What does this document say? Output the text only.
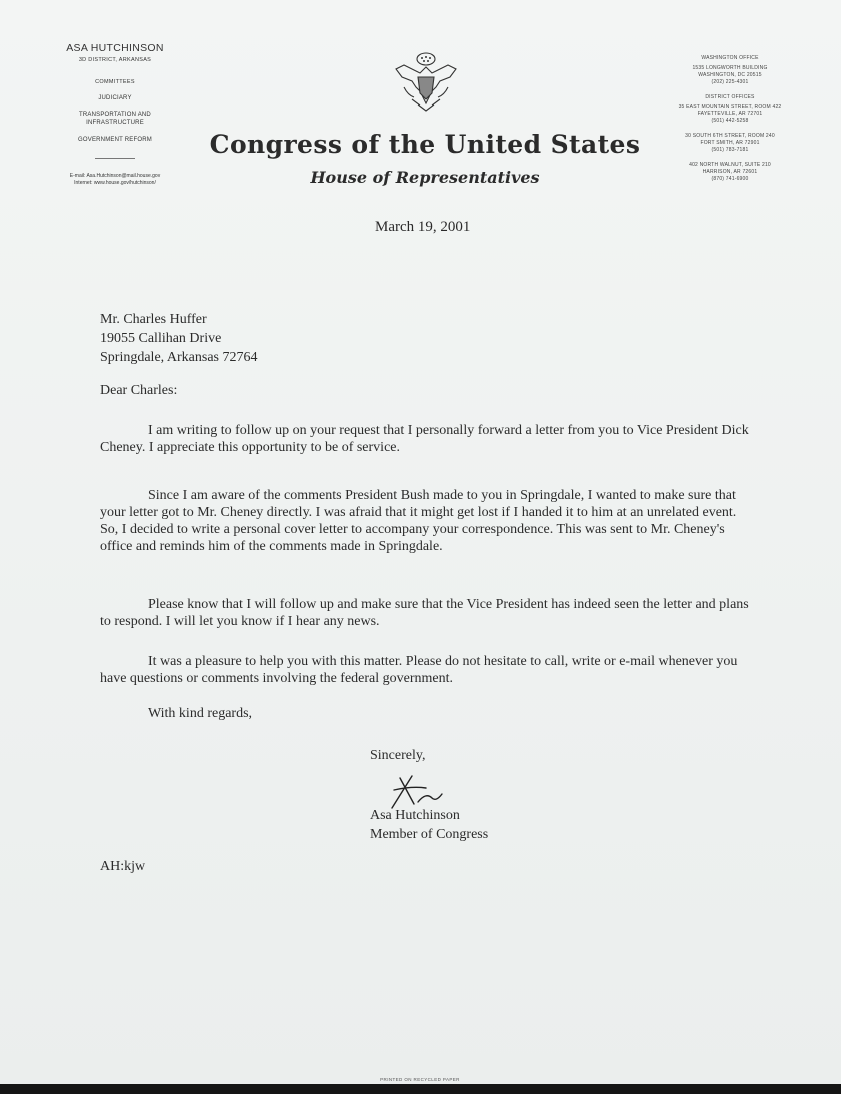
ASA HUTCHINSON
3D DISTRICT, ARKANSAS
COMMITTEES
JUDICIARY
TRANSPORTATION AND
INFRASTRUCTURE
GOVERNMENT REFORM
E-mail: Asa.Hutchinson@mail.house.gov
Internet: www.house.gov/hutchinson/
Congress of the United States
House of Representatives
WASHINGTON OFFICE
1535 LONGWORTH BUILDING
WASHINGTON, DC 20515
(202) 225-4301
DISTRICT OFFICES
35 EAST MOUNTAIN STREET, ROOM 422
FAYETTEVILLE, AR 72701
(501) 442-5258
30 SOUTH 6TH STREET, ROOM 240
FORT SMITH, AR 72901
(501) 783-7181
402 NORTH WALNUT, SUITE 210
HARRISON, AR 72601
(870) 741-6900
March 19, 2001
Mr. Charles Huffer
19055 Callihan Drive
Springdale, Arkansas 72764
Dear Charles:
I am writing to follow up on your request that I personally forward a letter from you to Vice President Dick Cheney. I appreciate this opportunity to be of service.
Since I am aware of the comments President Bush made to you in Springdale, I wanted to make sure that your letter got to Mr. Cheney directly. I was afraid that it might get lost if I handed it to him at an unrelated event. So, I decided to write a personal cover letter to accompany your correspondence. This was sent to Mr. Cheney's office and reminds him of the comments made in Springdale.
Please know that I will follow up and make sure that the Vice President has indeed seen the letter and plans to respond. I will let you know if I hear any news.
It was a pleasure to help you with this matter. Please do not hesitate to call, write or e-mail whenever you have questions or comments involving the federal government.
With kind regards,
Sincerely,
Asa Hutchinson
Member of Congress
AH:kjw
PRINTED ON RECYCLED PAPER
